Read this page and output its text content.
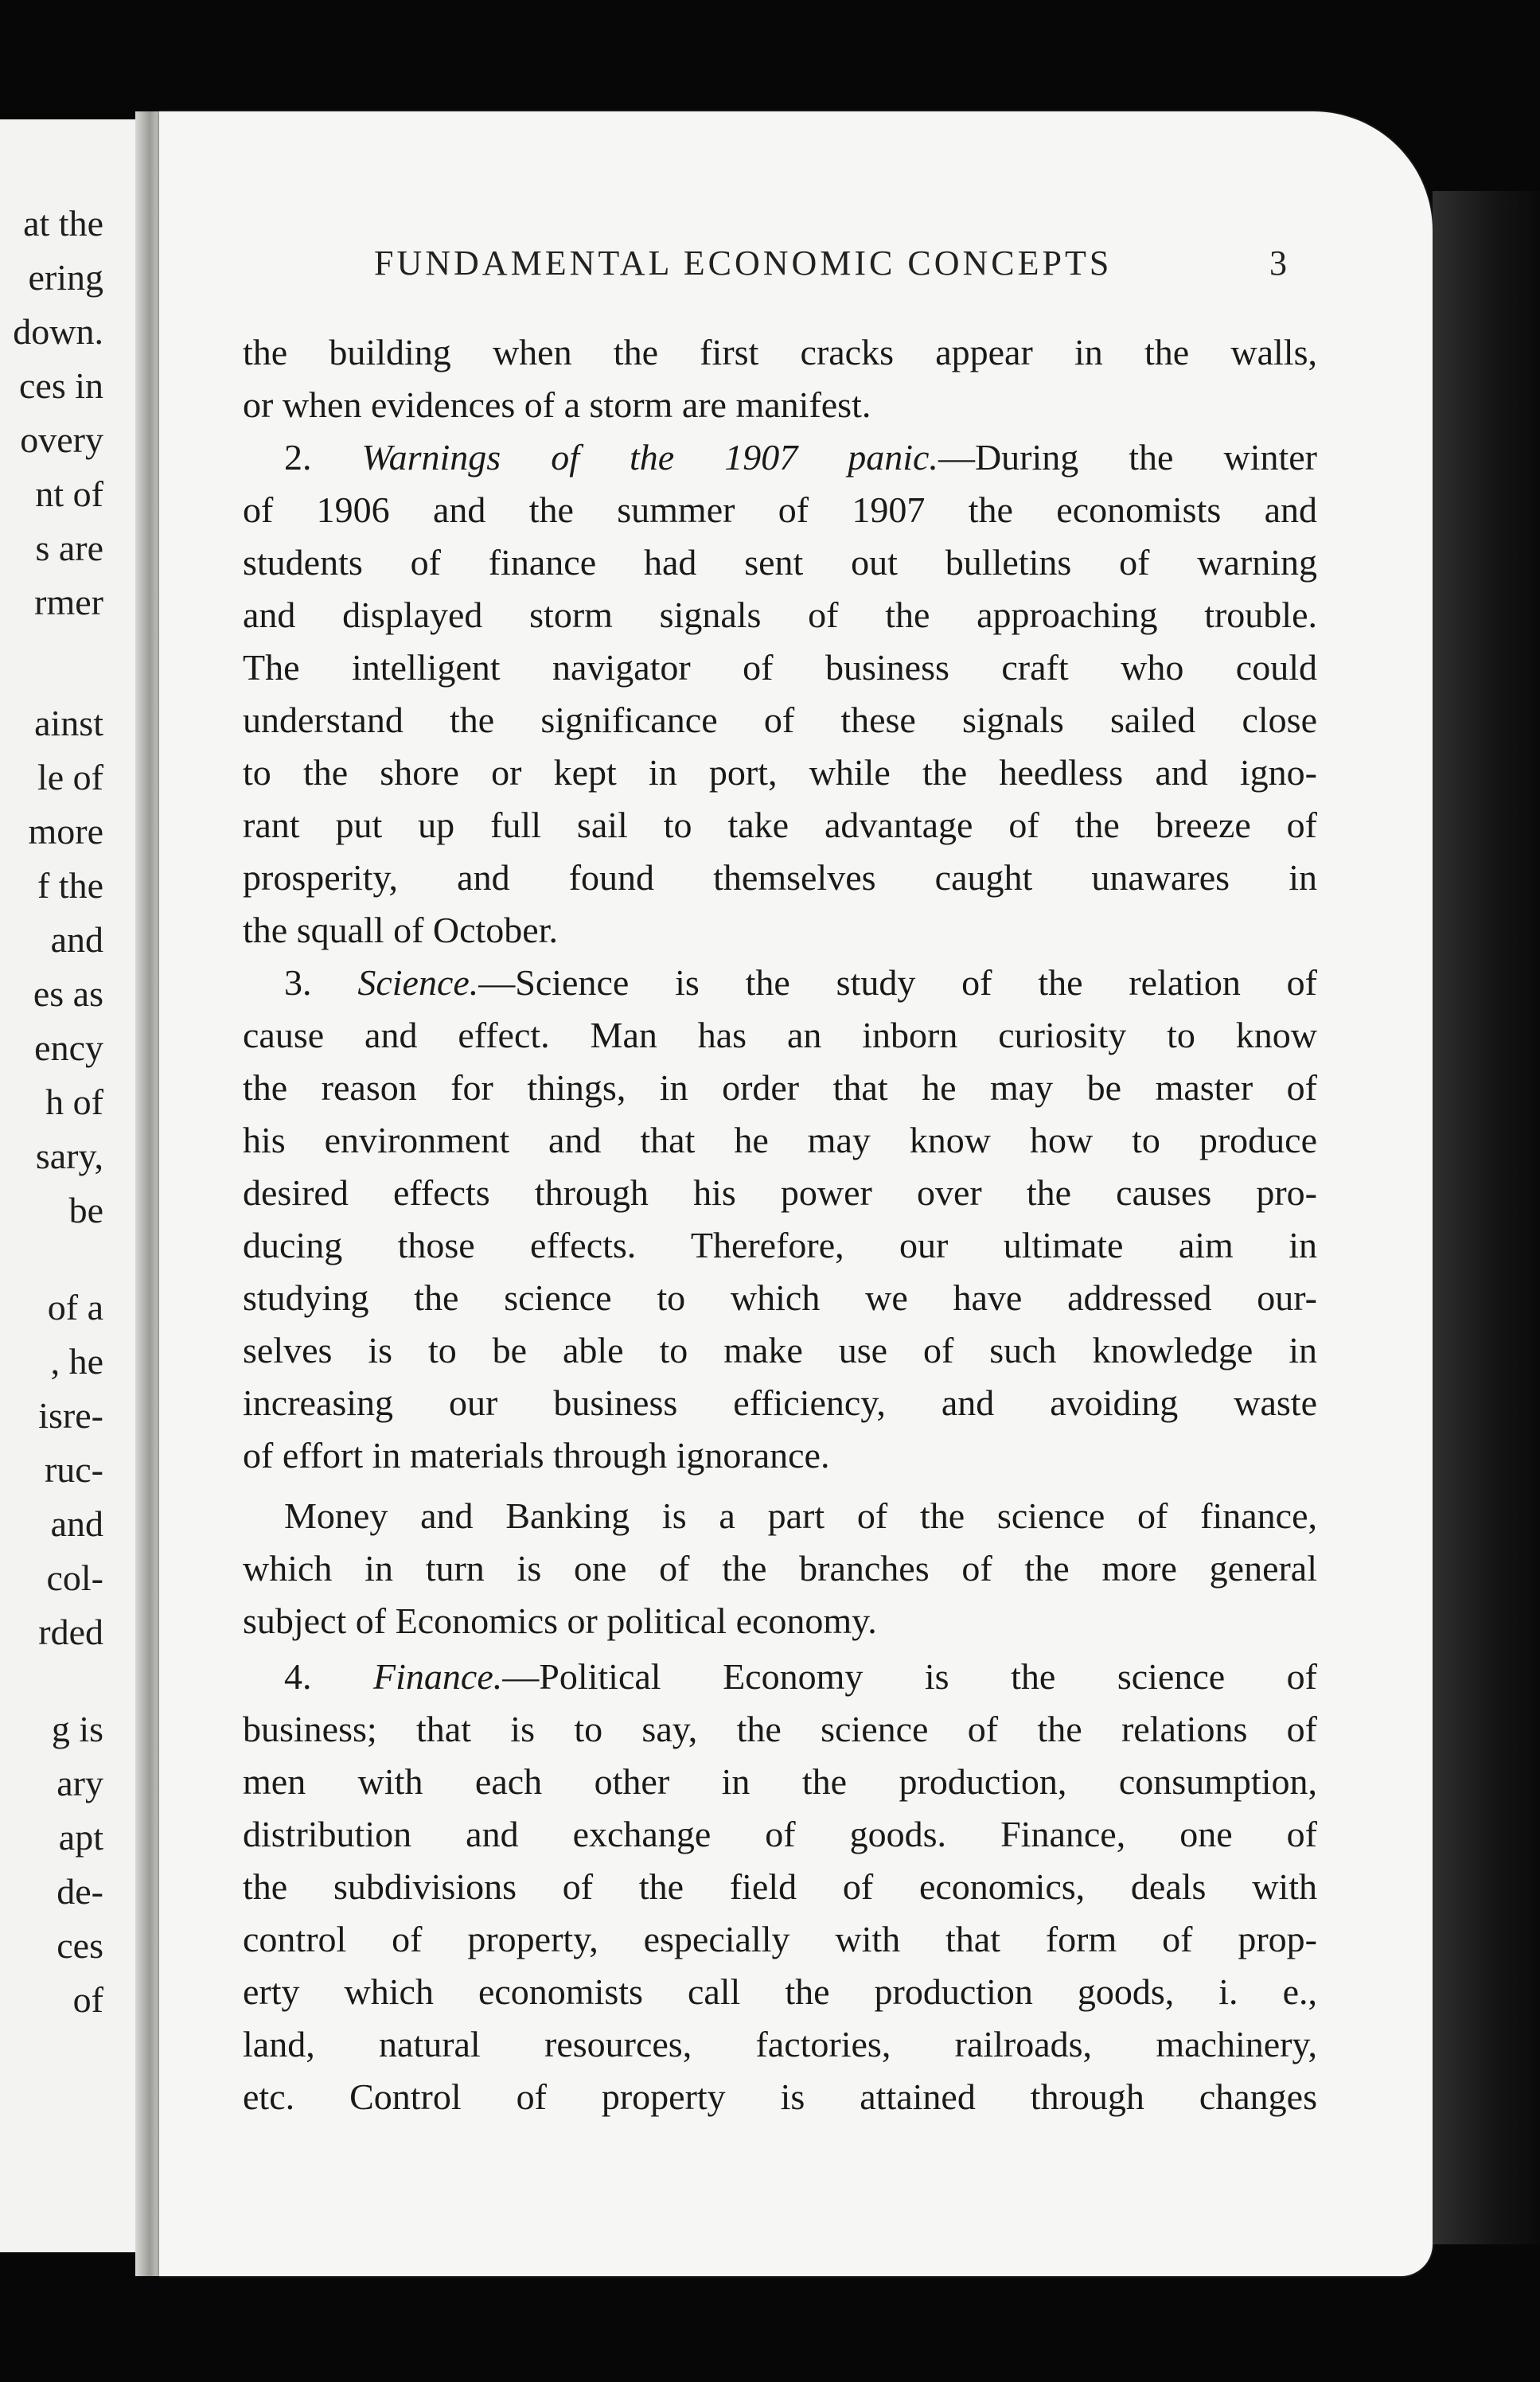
at the
ering
down.
ces in
overy
nt of
s are
rmer
ainst
le of
more
f the
and
es as
ency
h of
sary,
be
of a
, he
isre-
ruc-
and
col-
rded
g is
ary
apt
de-
ces
of
FUNDAMENTAL ECONOMIC CONCEPTS	3
the building when the first cracks appear in the walls,
or when evidences of a storm are manifest.
2. Warnings of the 1907 panic.—During the winter
of 1906 and the summer of 1907 the economists and
students of finance had sent out bulletins of warning
and displayed storm signals of the approaching trouble.
The intelligent navigator of business craft who could
understand the significance of these signals sailed close
to the shore or kept in port, while the heedless and igno-
rant put up full sail to take advantage of the breeze of
prosperity, and found themselves caught unawares in
the squall of October.
3. Science.—Science is the study of the relation of
cause and effect. Man has an inborn curiosity to know
the reason for things, in order that he may be master of
his environment and that he may know how to produce
desired effects through his power over the causes pro-
ducing those effects. Therefore, our ultimate aim in
studying the science to which we have addressed our-
selves is to be able to make use of such knowledge in
increasing our business efficiency, and avoiding waste
of effort in materials through ignorance.
Money and Banking is a part of the science of finance,
which in turn is one of the branches of the more general
subject of Economics or political economy.
4. Finance.—Political Economy is the science of
business; that is to say, the science of the relations of
men with each other in the production, consumption,
distribution and exchange of goods. Finance, one of
the subdivisions of the field of economics, deals with
control of property, especially with that form of prop-
erty which economists call the production goods, i. e.,
land, natural resources, factories, railroads, machinery,
etc. Control of property is attained through changes
